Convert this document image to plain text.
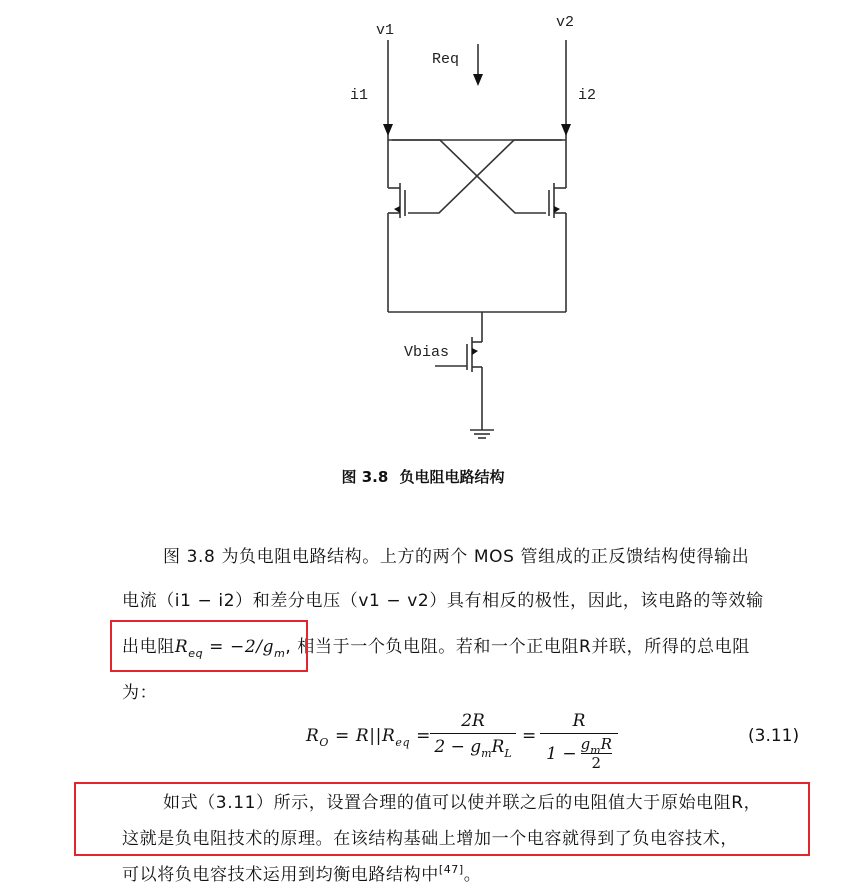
v1	v2
Req
i1	i2
Vbias
图 3.8 负电阻电路结构
图 3.8 为负电阻电路结构。上方的两个 MOS 管组成的正反馈结构使得输出
电流（i1 − i2）和差分电压（v1 − v2）具有相反的极性，因此，该电路的等效输
出电阻$R_{eq} = -2/g_m$, 相当于一个负电阻。若和一个正电阻R并联，所得的总电阻
为：
$R_O = R||R_{eq}$ =
2R
$2 - g_mR_L$
=
R
$1 - g_mR$
2
(3.11)
如式（3.11）所示，设置合理的值可以使并联之后的电阻值大于原始电阻R，
这就是负电阻技术的原理。在该结构基础上增加一个电容就得到了负电容技术，
可以将负电容技术运用到均衡电路结构中[47]。
